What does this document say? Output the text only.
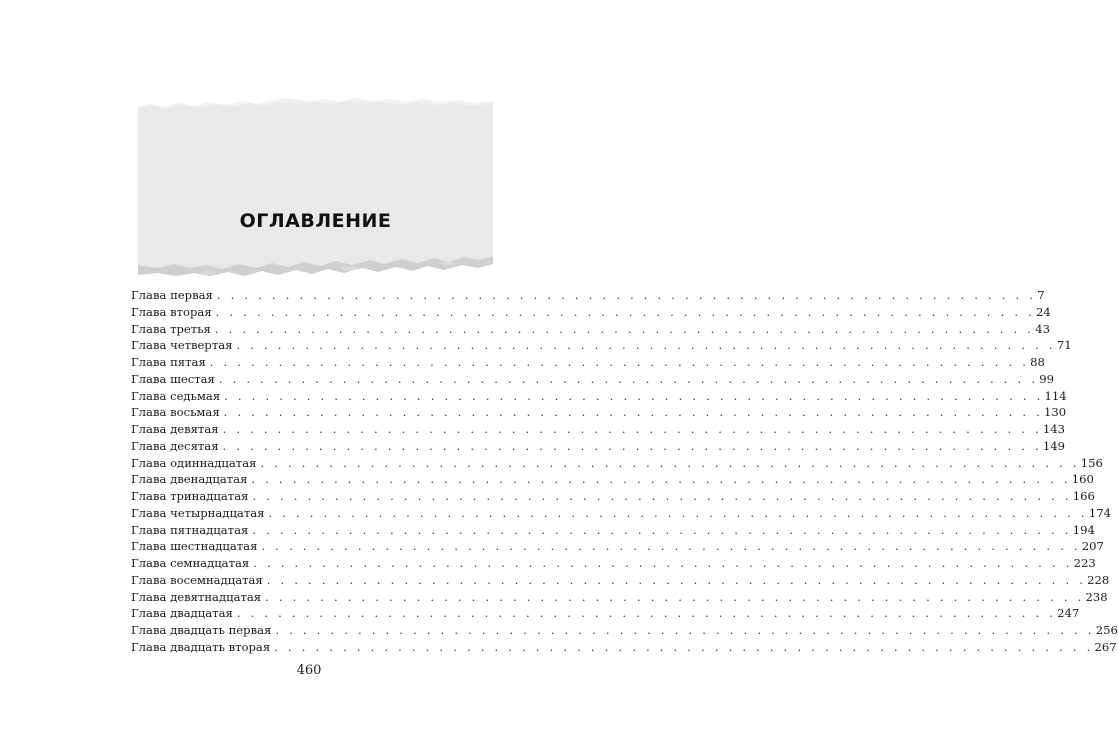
ОГЛАВЛЕНИЕ
Глава первая . . . . . . . . . . . . . . . . . . . . . . . . . . . . . . . . . . . . . . . . . . . . . . . . . . . . . . . . . . . . 7
Глава вторая . . . . . . . . . . . . . . . . . . . . . . . . . . . . . . . . . . . . . . . . . . . . . . . . . . . . . . . . . . . . 24
Глава третья . . . . . . . . . . . . . . . . . . . . . . . . . . . . . . . . . . . . . . . . . . . . . . . . . . . . . . . . . . . . 43
Глава четвертая . . . . . . . . . . . . . . . . . . . . . . . . . . . . . . . . . . . . . . . . . . . . . . . . . . . . . . . . . . . . 71
Глава пятая . . . . . . . . . . . . . . . . . . . . . . . . . . . . . . . . . . . . . . . . . . . . . . . . . . . . . . . . . . . . 88
Глава шестая . . . . . . . . . . . . . . . . . . . . . . . . . . . . . . . . . . . . . . . . . . . . . . . . . . . . . . . . . . . . 99
Глава седьмая . . . . . . . . . . . . . . . . . . . . . . . . . . . . . . . . . . . . . . . . . . . . . . . . . . . . . . . . . . . . 114
Глава восьмая . . . . . . . . . . . . . . . . . . . . . . . . . . . . . . . . . . . . . . . . . . . . . . . . . . . . . . . . . . . . 130
Глава девятая . . . . . . . . . . . . . . . . . . . . . . . . . . . . . . . . . . . . . . . . . . . . . . . . . . . . . . . . . . . . 143
Глава десятая . . . . . . . . . . . . . . . . . . . . . . . . . . . . . . . . . . . . . . . . . . . . . . . . . . . . . . . . . . . . 149
Глава одиннадцатая . . . . . . . . . . . . . . . . . . . . . . . . . . . . . . . . . . . . . . . . . . . . . . . . . . . . . . . . . . . . 156
Глава двенадцатая . . . . . . . . . . . . . . . . . . . . . . . . . . . . . . . . . . . . . . . . . . . . . . . . . . . . . . . . . . . . 160
Глава тринадцатая . . . . . . . . . . . . . . . . . . . . . . . . . . . . . . . . . . . . . . . . . . . . . . . . . . . . . . . . . . . . 166
Глава четырнадцатая . . . . . . . . . . . . . . . . . . . . . . . . . . . . . . . . . . . . . . . . . . . . . . . . . . . . . . . . . . . . 174
Глава пятнадцатая . . . . . . . . . . . . . . . . . . . . . . . . . . . . . . . . . . . . . . . . . . . . . . . . . . . . . . . . . . . . 194
Глава шестнадцатая . . . . . . . . . . . . . . . . . . . . . . . . . . . . . . . . . . . . . . . . . . . . . . . . . . . . . . . . . . . . 207
Глава семнадцатая . . . . . . . . . . . . . . . . . . . . . . . . . . . . . . . . . . . . . . . . . . . . . . . . . . . . . . . . . . . . 223
Глава восемнадцатая . . . . . . . . . . . . . . . . . . . . . . . . . . . . . . . . . . . . . . . . . . . . . . . . . . . . . . . . . . . . 228
Глава девятнадцатая . . . . . . . . . . . . . . . . . . . . . . . . . . . . . . . . . . . . . . . . . . . . . . . . . . . . . . . . . . . . 238
Глава двадцатая . . . . . . . . . . . . . . . . . . . . . . . . . . . . . . . . . . . . . . . . . . . . . . . . . . . . . . . . . . . . 247
Глава двадцать первая . . . . . . . . . . . . . . . . . . . . . . . . . . . . . . . . . . . . . . . . . . . . . . . . . . . . . . . . . . . . 256
Глава двадцать вторая . . . . . . . . . . . . . . . . . . . . . . . . . . . . . . . . . . . . . . . . . . . . . . . . . . . . . . . . . . . . 267
460
